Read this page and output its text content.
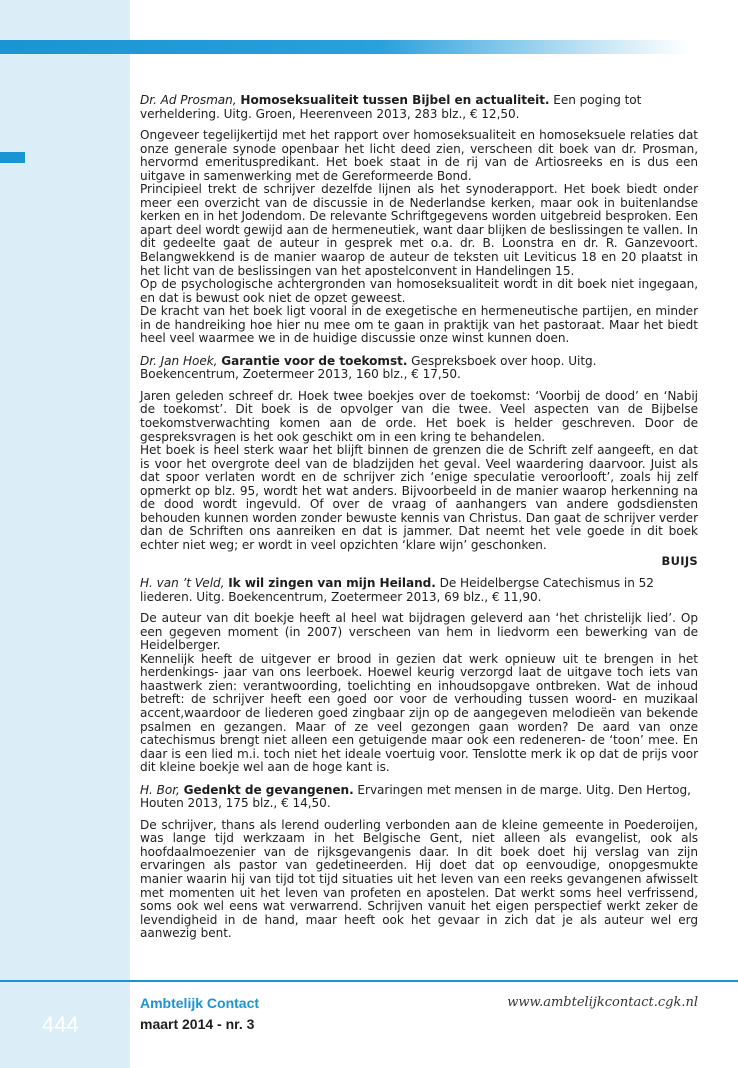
Dr. Ad Prosman, Homoseksualiteit tussen Bijbel en actualiteit. Een poging tot verheldering. Uitg. Groen, Heerenveen 2013, 283 blz., € 12,50.

Ongeveer tegelijkertijd met het rapport over homoseksualiteit en homoseksuele relaties dat onze generale synode openbaar het licht deed zien, verscheen dit boek van dr. Prosman, hervormd emerituspredikant. Het boek staat in de rij van de Artiosreeks en is dus een uitgave in samenwerking met de Gereformeerde Bond.

Principieel trekt de schrijver dezelfde lijnen als het synoderapport. Het boek biedt onder meer een overzicht van de discussie in de Nederlandse kerken, maar ook in buitenlandse kerken en in het Jodendom. De relevante Schriftgegevens worden uitgebreid besproken. Een apart deel wordt gewijd aan de hermeneutiek, want daar blijken de beslissingen te vallen. In dit gedeelte gaat de auteur in gesprek met o.a. dr. B. Loonstra en dr. R. Ganzevoort. Belangwekkend is de manier waarop de auteur de teksten uit Leviticus 18 en 20 plaatst in het licht van de beslissingen van het apostelconvent in Handelingen 15.

Op de psychologische achtergronden van homoseksualiteit wordt in dit boek niet ingegaan, en dat is bewust ook niet de opzet geweest.

De kracht van het boek ligt vooral in de exegetische en hermeneutische partijen, en minder in de handreiking hoe hier nu mee om te gaan in praktijk van het pastoraat. Maar het biedt heel veel waarmee we in de huidige discussie onze winst kunnen doen.

Dr. Jan Hoek, Garantie voor de toekomst. Gespreksboek over hoop. Uitg. Boekencentrum, Zoetermeer 2013, 160 blz., € 17,50.

Jaren geleden schreef dr. Hoek twee boekjes over de toekomst: ‘Voorbij de dood’ en ‘Nabij de toekomst’. Dit boek is de opvolger van die twee. Veel aspecten van de Bijbelse toekomstverwachting komen aan de orde. Het boek is helder geschreven. Door de gespreksvragen is het ook geschikt om in een kring te behandelen.

Het boek is heel sterk waar het blijft binnen de grenzen die de Schrift zelf aangeeft, en dat is voor het overgrote deel van de bladzijden het geval. Veel waardering daarvoor. Juist als dat spoor verlaten wordt en de schrijver zich ‘enige speculatie veroorlooft’, zoals hij zelf opmerkt op blz. 95, wordt het wat anders. Bijvoorbeeld in de manier waarop herkenning na de dood wordt ingevuld. Of over de vraag of aanhangers van andere godsdiensten behouden kunnen worden zonder bewuste kennis van Christus. Dan gaat de schrijver verder dan de Schriften ons aanreiken en dat is jammer. Dat neemt het vele goede in dit boek echter niet weg; er wordt in veel opzichten ‘klare wijn’ geschonken.

BUIJS

H. van ’t Veld, Ik wil zingen van mijn Heiland. De Heidelbergse Catechismus in 52 liederen. Uitg. Boekencentrum, Zoetermeer 2013, 69 blz., € 11,90.

De auteur van dit boekje heeft al heel wat bijdragen geleverd aan ‘het christelijk lied’. Op een gegeven moment (in 2007) verscheen van hem in liedvorm een bewerking van de Heidelberger.

Kennelijk heeft de uitgever er brood in gezien dat werk opnieuw uit te brengen in het herdenkings- jaar van ons leerboek. Hoewel keurig verzorgd laat de uitgave toch iets van haastwerk zien: verantwoording, toelichting en inhoudsopgave ontbreken. Wat de inhoud betreft: de schrijver heeft een goed oor voor de verhouding tussen woord- en muzikaal accent,waardoor de liederen goed zingbaar zijn op de aangegeven melodieën van bekende psalmen en gezangen. Maar of ze veel gezongen gaan worden? De aard van onze catechismus brengt niet alleen een getuigende maar ook een redeneren- de ‘toon’ mee. En daar is een lied m.i. toch niet het ideale voertuig voor. Tenslotte merk ik op dat de prijs voor dit kleine boekje wel aan de hoge kant is.

H. Bor, Gedenkt de gevangenen. Ervaringen met mensen in de marge. Uitg. Den Hertog, Houten 2013, 175 blz., € 14,50.

De schrijver, thans als lerend ouderling verbonden aan de kleine gemeente in Poederoijen, was lange tijd werkzaam in het Belgische Gent, niet alleen als evangelist, ook als hoofdaalmoezenier van de rijksgevangenis daar. In dit boek doet hij verslag van zijn ervaringen als pastor van gedetineerden. Hij doet dat op eenvoudige, onopgesmukte manier waarin hij van tijd tot tijd situaties uit het leven van een reeks gevangenen afwisselt met momenten uit het leven van profeten en apostelen. Dat werkt soms heel verfrissend, soms ook wel eens wat verwarrend. Schrijven vanuit het eigen perspectief werkt zeker de levendigheid in de hand, maar heeft ook het gevaar in zich dat je als auteur wel erg aanwezig bent.

444
Ambtelijk Contact
maart 2014 - nr. 3
www.ambtelijkcontact.cgk.nl
